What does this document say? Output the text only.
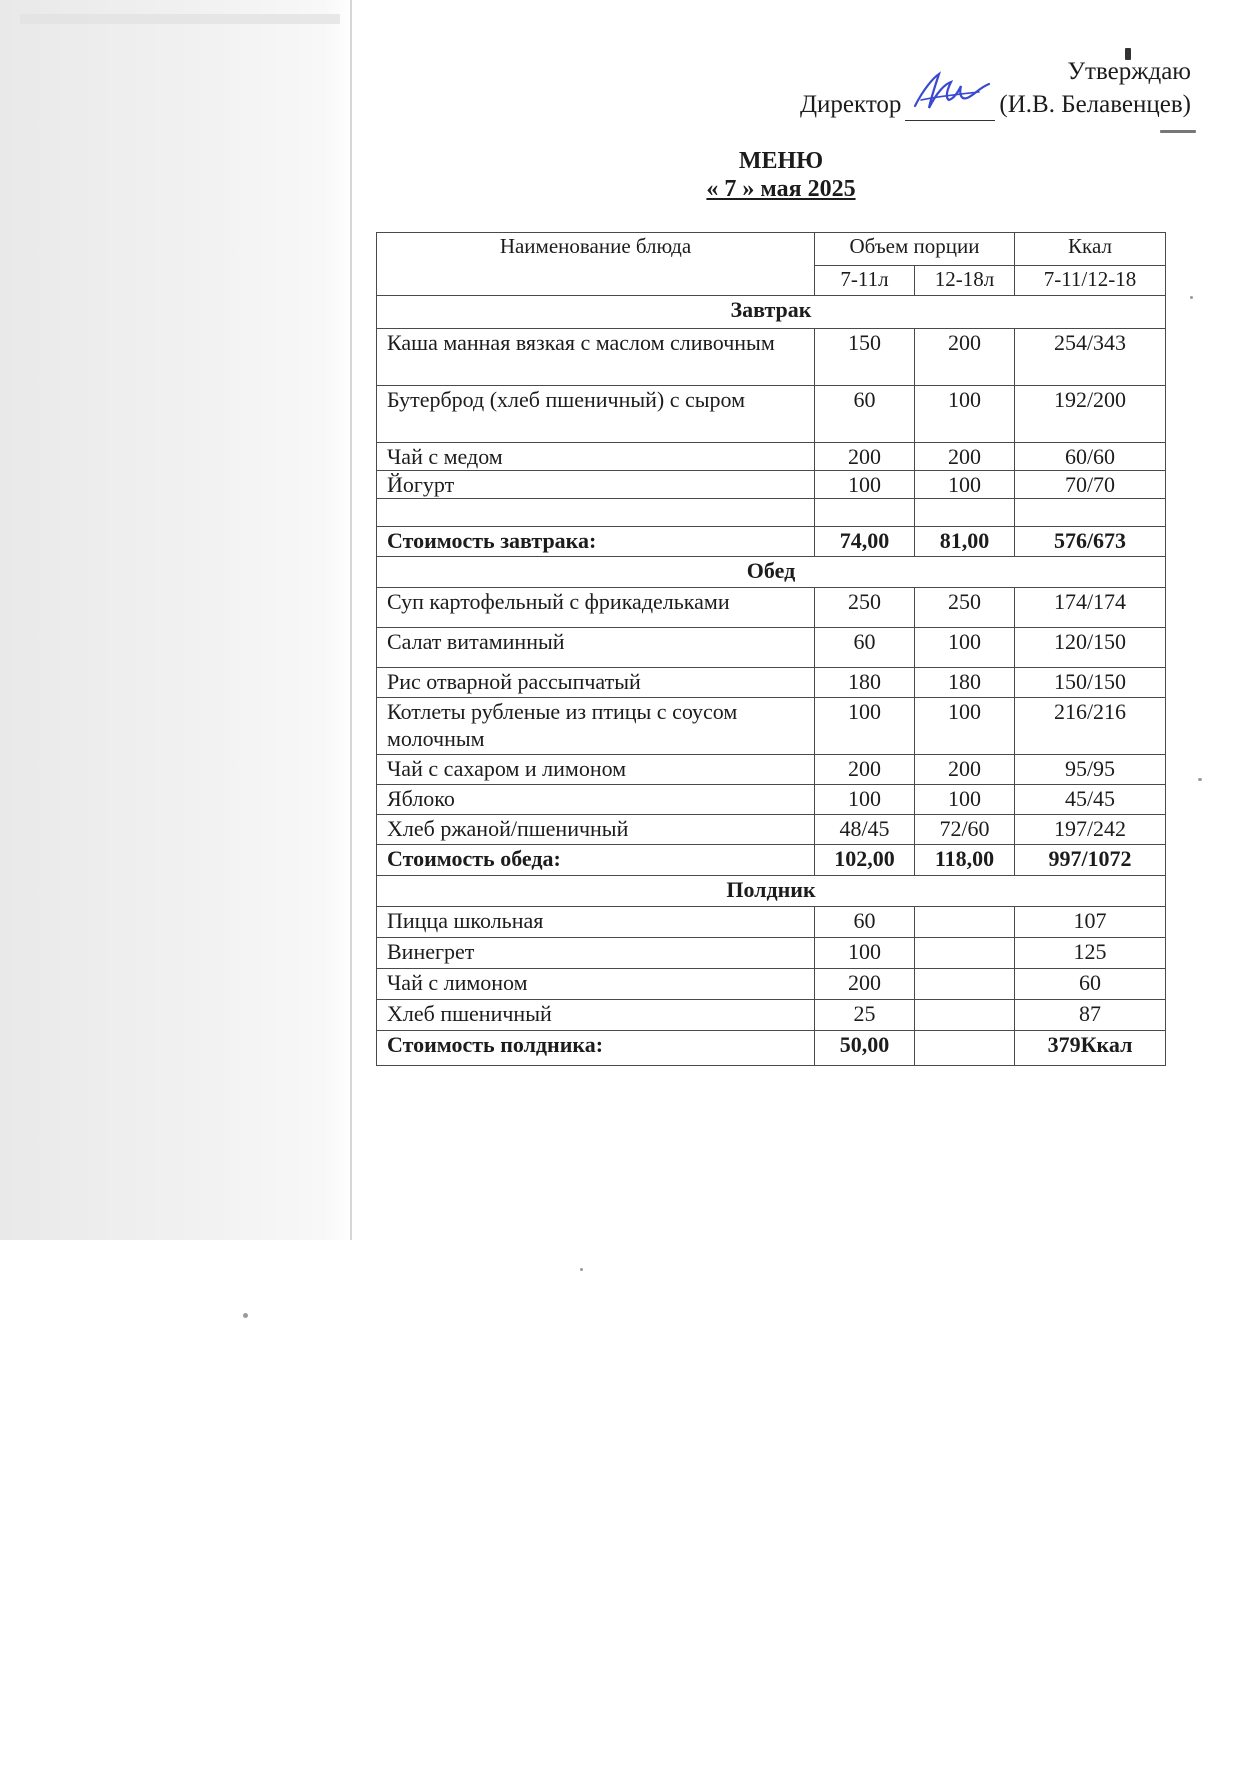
Утверждаю
Директор	(И.В. Белавенцев)
МЕНЮ
« 7 » мая 2025
Наименование блюда	Объем порции		Ккал
	7-11л	12-18л	7-11/12-18
Завтрак			
Каша манная вязкая с маслом сливочным	150	200	254/343
Бутерброд (хлеб пшеничный) с сыром	60	100	192/200
Чай с медом	200	200	60/60
Йогурт	100	100	70/70

Стоимость завтрака:	74,00	81,00	576/673
Обед			
Суп картофельный с фрикадельками	250	250	174/174
Салат витаминный	60	100	120/150
Рис отварной рассыпчатый	180	180	150/150
Котлеты рубленые из птицы с соусом молочным	100	100	216/216
Чай с сахаром и лимоном	200	200	95/95
Яблоко	100	100	45/45
Хлеб ржаной/пшеничный	48/45	72/60	197/242
Стоимость обеда:	102,00	118,00	997/1072
Полдник			
Пицца школьная	60		107
Винегрет	100		125
Чай с лимоном	200		60
Хлеб пшеничный	25		87
Стоимость полдника:	50,00		379Ккал
